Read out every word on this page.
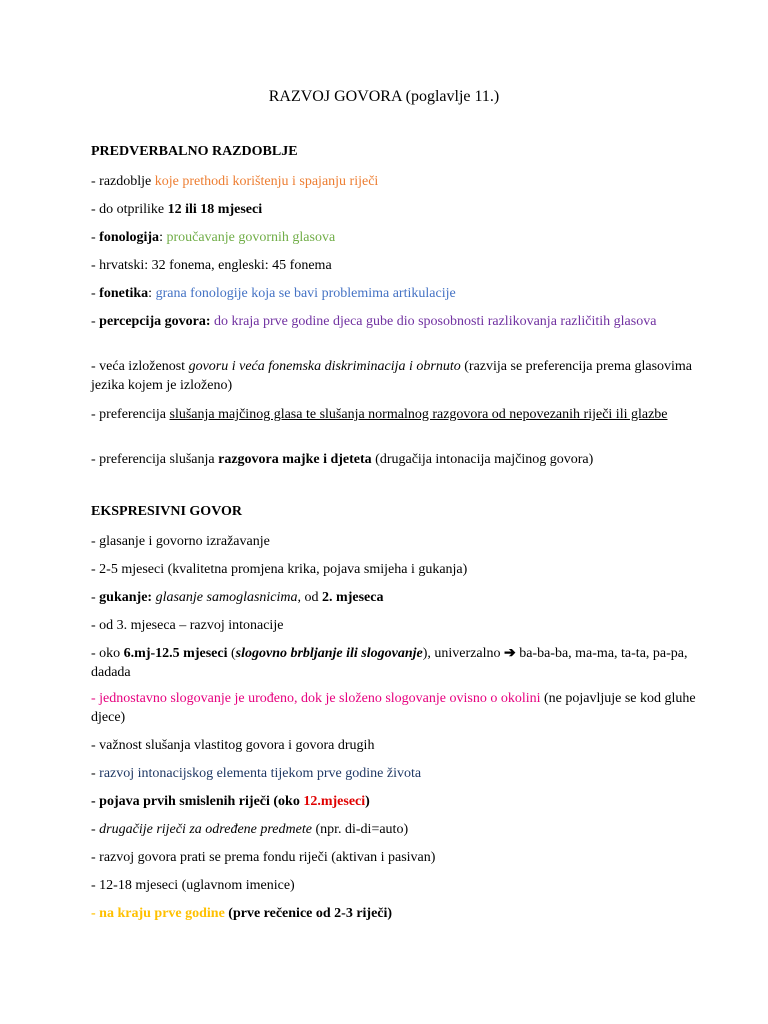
RAZVOJ GOVORA (poglavlje 11.)
PREDVERBALNO RAZDOBLJE
- razdoblje koje prethodi korištenju i spajanju riječi
- do otprilike 12 ili 18 mjeseci
- fonologija: proučavanje govornih glasova
- hrvatski: 32 fonema, engleski: 45 fonema
- fonetika: grana fonologije koja se bavi problemima artikulacije
- percepcija govora: do kraja prve godine djeca gube dio sposobnosti razlikovanja različitih glasova
- veća izloženost govoru i veća fonemska diskriminacija i obrnuto (razvija se preferencija prema glasovima jezika kojem je izloženo)
- preferencija slušanja majčinog glasa te slušanja normalnog razgovora od nepovezanih riječi ili glazbe
- preferencija slušanja razgovora majke i djeteta (drugačija intonacija majčinog govora)
EKSPRESIVNI GOVOR
- glasanje i govorno izražavanje
- 2-5 mjeseci (kvalitetna promjena krika, pojava smijeha i gukanja)
- gukanje: glasanje samoglasnicima, od 2. mjeseca
- od 3. mjeseca – razvoj intonacije
- oko 6.mj-12.5 mjeseci (slogovno brbljanje ili slogovanje), univerzalno ➔ ba-ba-ba, ma-ma, ta-ta, pa-pa, dadada
- jednostavno slogovanje je urođeno, dok je složeno slogovanje ovisno o okolini (ne pojavljuje se kod gluhe djece)
- važnost slušanja vlastitog govora i govora drugih
- razvoj intonacijskog elementa tijekom prve godine života
- pojava prvih smislenih riječi (oko 12.mjeseci)
- drugačije riječi za određene predmete (npr. di-di=auto)
- razvoj govora prati se prema fondu riječi (aktivan i pasivan)
- 12-18 mjeseci (uglavnom imenice)
- na kraju prve godine (prve rečenice od 2-3 riječi)
